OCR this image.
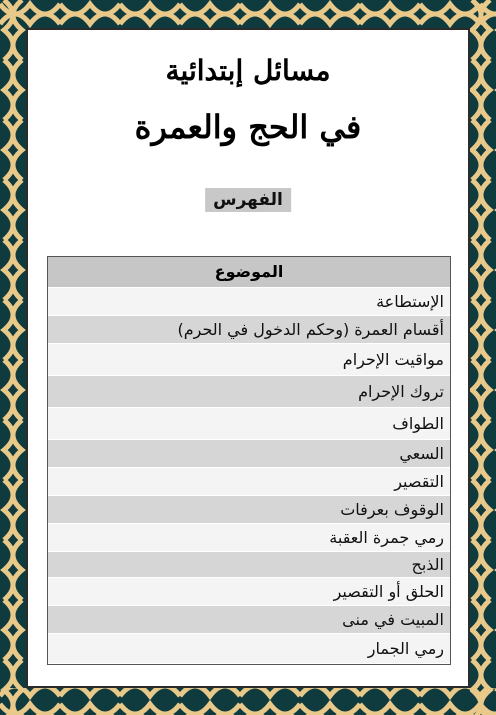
مسائل إبتدائية
في الحج والعمرة
الفهرس
الموضوع
الإستطاعة
أقسام العمرة (وحكم الدخول في الحرم)
مواقيت الإحرام
تروك الإحرام
الطواف
السعي
التقصير
الوقوف بعرفات
رمي جمرة العقبة
الذبح
الحلق أو التقصير
المبيت في منى
رمي الجمار
